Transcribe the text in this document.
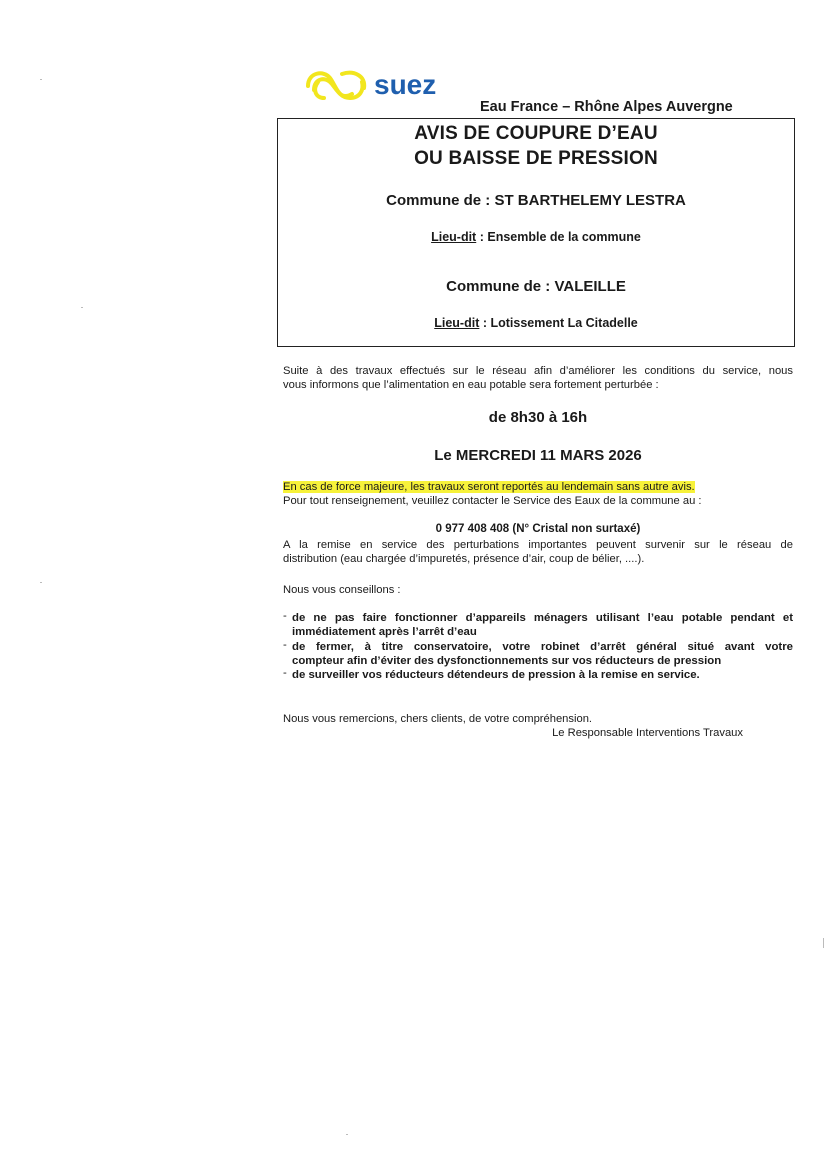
suez
Eau France – Rhône Alpes Auvergne
AVIS DE COUPURE D’EAU
OU BAISSE DE PRESSION
Commune de : ST BARTHELEMY LESTRA
Lieu-dit : Ensemble de la commune
Commune de : VALEILLE
Lieu-dit : Lotissement La Citadelle
Suite à des travaux effectués sur le réseau afin d’améliorer les conditions du service, nous
vous informons que l’alimentation en eau potable sera fortement perturbée :
de 8h30 à 16h
Le MERCREDI 11 MARS 2026
En cas de force majeure, les travaux seront reportés au lendemain sans autre avis.
Pour tout renseignement, veuillez contacter le Service des Eaux de la commune au :
0 977 408 408 (N° Cristal non surtaxé)
A la remise en service des perturbations importantes peuvent survenir sur le réseau de
distribution (eau chargée d’impuretés, présence d’air, coup de bélier, ....).
Nous vous conseillons :
- de ne pas faire fonctionner d’appareils ménagers utilisant l’eau potable pendant et
immédiatement après l’arrêt d’eau
- de fermer, à titre conservatoire, votre robinet d’arrêt général situé avant votre
compteur afin d’éviter des dysfonctionnements sur vos réducteurs de pression
- de surveiller vos réducteurs détendeurs de pression à la remise en service.
Nous vous remercions, chers clients, de votre compréhension.
Le Responsable Interventions Travaux
